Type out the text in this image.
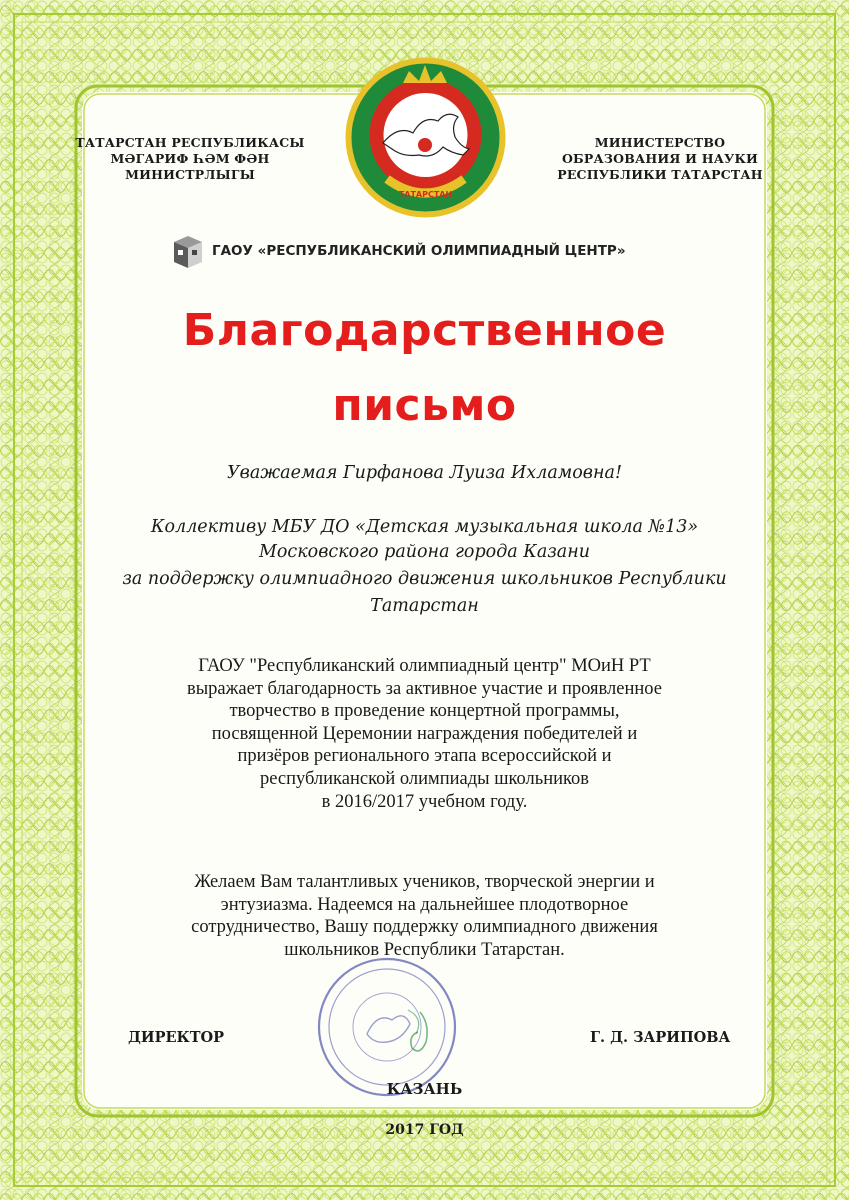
ТАТАРСТАН РЕСПУБЛИКАСЫ
МӘГАРИФ ҺӘМ ФӘН
МИНИСТРЛЫГЫ
ТАТАРСТАН
МИНИСТЕРСТВО
ОБРАЗОВАНИЯ И НАУКИ
РЕСПУБЛИКИ ТАТАРСТАН
ГАОУ «РЕСПУБЛИКАНСКИЙ ОЛИМПИАДНЫЙ ЦЕНТР»
Благодарственное
письмо
Уважаемая Гирфанова Луиза Ихламовна!
Коллективу МБУ ДО «Детская музыкальная школа №13»
Московского района города Казани
за поддержку олимпиадного движения школьников Республики
Татарстан
ГАОУ "Республиканский олимпиадный центр" МОиН РТ
выражает благодарность за активное участие и проявленное
творчество в проведение концертной программы,
посвященной Церемонии награждения победителей и
призёров регионального этапа всероссийской и
республиканской олимпиады школьников
в 2016/2017 учебном году.
Желаем Вам талантливых учеников, творческой энергии и
энтузиазма. Надеемся на дальнейшее плодотворное
сотрудничество, Вашу поддержку олимпиадного движения
школьников Республики Татарстан.
ДИРЕКТОР	Г. Д. ЗАРИПОВА
КАЗАНЬ
2017 ГОД
